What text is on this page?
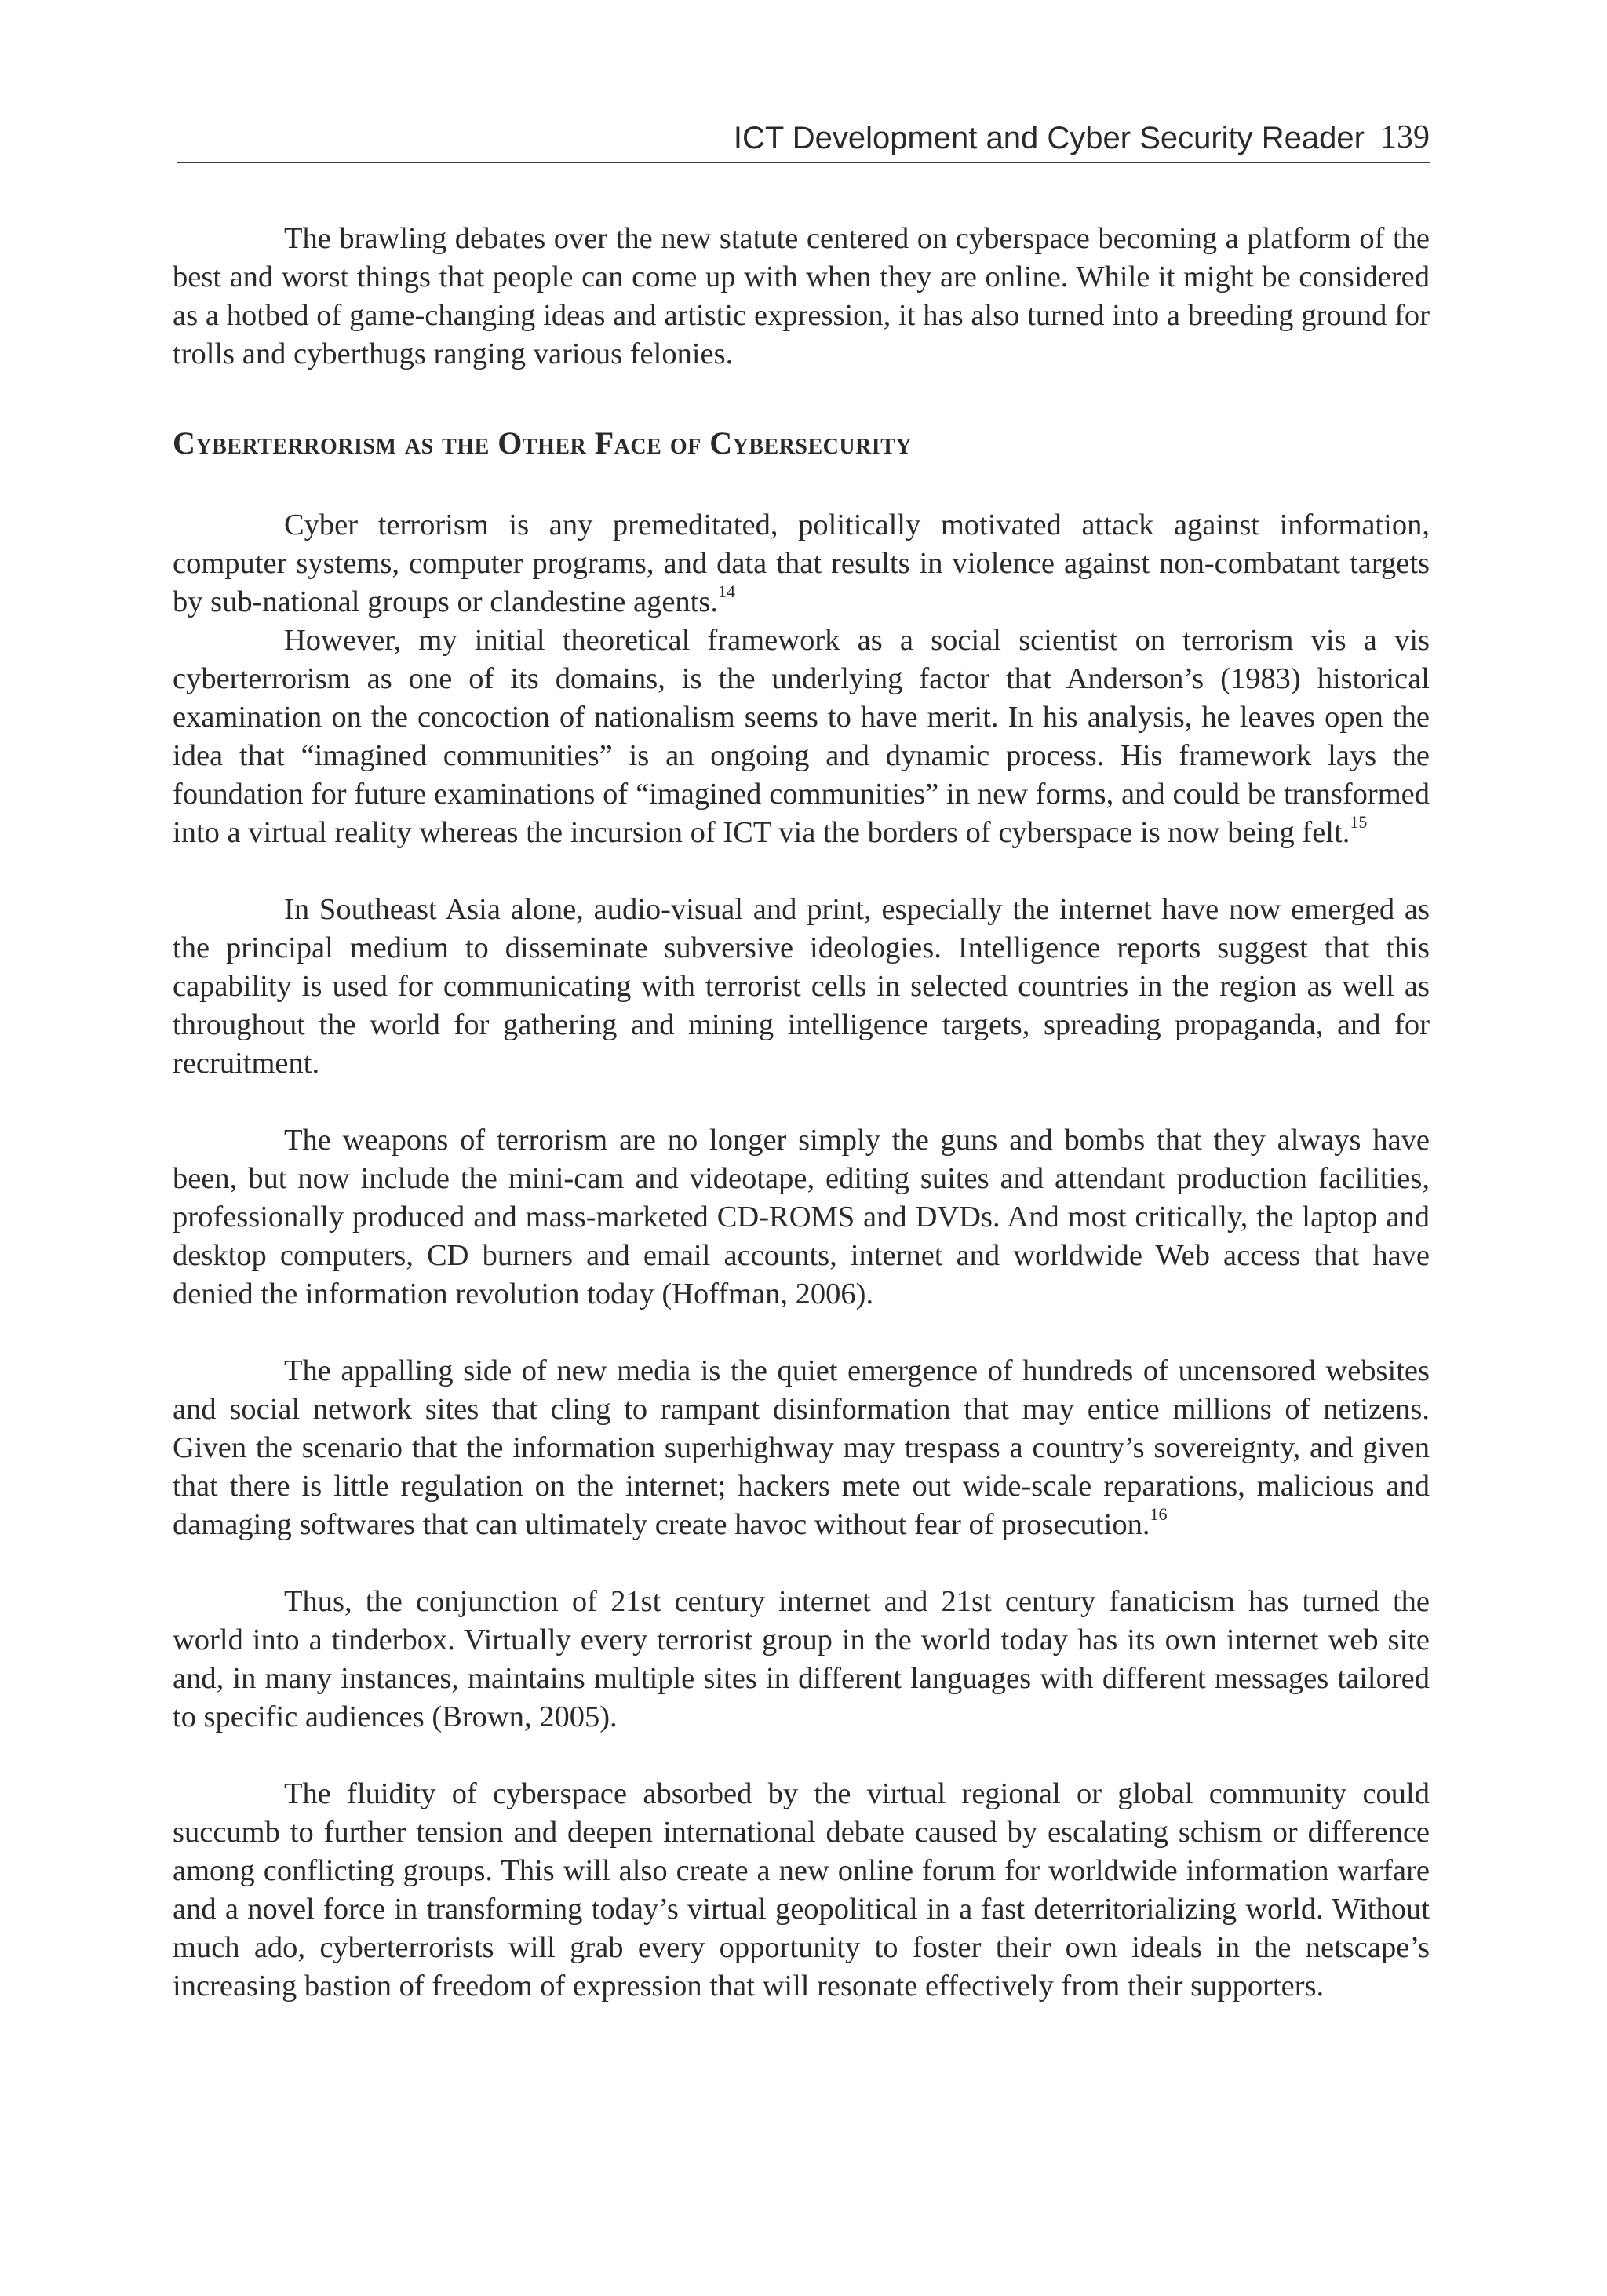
ICT Development and Cyber Security Reader 139

The brawling debates over the new statute centered on cyberspace becoming a platform of the best and worst things that people can come up with when they are online. While it might be considered as a hotbed of game-changing ideas and artistic expression, it has also turned into a breeding ground for trolls and cyberthugs ranging various felonies.

Cyberterrorism as the Other Face of Cybersecurity

Cyber terrorism is any premeditated, politically motivated attack against information, computer systems, computer programs, and data that results in violence against non-combatant targets by sub-national groups or clandestine agents.$^{14}$

However, my initial theoretical framework as a social scientist on terrorism vis a vis cyberterrorism as one of its domains, is the underlying factor that Anderson’s (1983) historical examination on the concoction of nationalism seems to have merit. In his analysis, he leaves open the idea that “imagined communities” is an ongoing and dynamic process. His framework lays the foundation for future examinations of “imagined communities” in new forms, and could be transformed into a virtual reality whereas the incursion of ICT via the borders of cyberspace is now being felt.$^{15}$

In Southeast Asia alone, audio-visual and print, especially the internet have now emerged as the principal medium to disseminate subversive ideologies. Intelligence reports suggest that this capability is used for communicating with terrorist cells in selected countries in the region as well as throughout the world for gathering and mining intelligence targets, spreading propaganda, and for recruitment.

The weapons of terrorism are no longer simply the guns and bombs that they always have been, but now include the mini-cam and videotape, editing suites and attendant production facilities, professionally produced and mass-marketed CD-ROMS and DVDs. And most critically, the laptop and desktop computers, CD burners and email accounts, internet and worldwide Web access that have denied the information revolution today (Hoffman, 2006).

The appalling side of new media is the quiet emergence of hundreds of uncensored websites and social network sites that cling to rampant disinformation that may entice millions of netizens. Given the scenario that the information superhighway may trespass a country’s sovereignty, and given that there is little regulation on the internet; hackers mete out wide-scale reparations, malicious and damaging softwares that can ultimately create havoc without fear of prosecution.$^{16}$

Thus, the conjunction of 21st century internet and 21st century fanaticism has turned the world into a tinderbox. Virtually every terrorist group in the world today has its own internet web site and, in many instances, maintains multiple sites in different languages with different messages tailored to specific audiences (Brown, 2005).

The fluidity of cyberspace absorbed by the virtual regional or global community could succumb to further tension and deepen international debate caused by escalating schism or difference among conflicting groups. This will also create a new online forum for worldwide information warfare and a novel force in transforming today’s virtual geopolitical in a fast deterritorializing world. Without much ado, cyberterrorists will grab every opportunity to foster their own ideals in the netscape’s increasing bastion of freedom of expression that will resonate effectively from their supporters.
